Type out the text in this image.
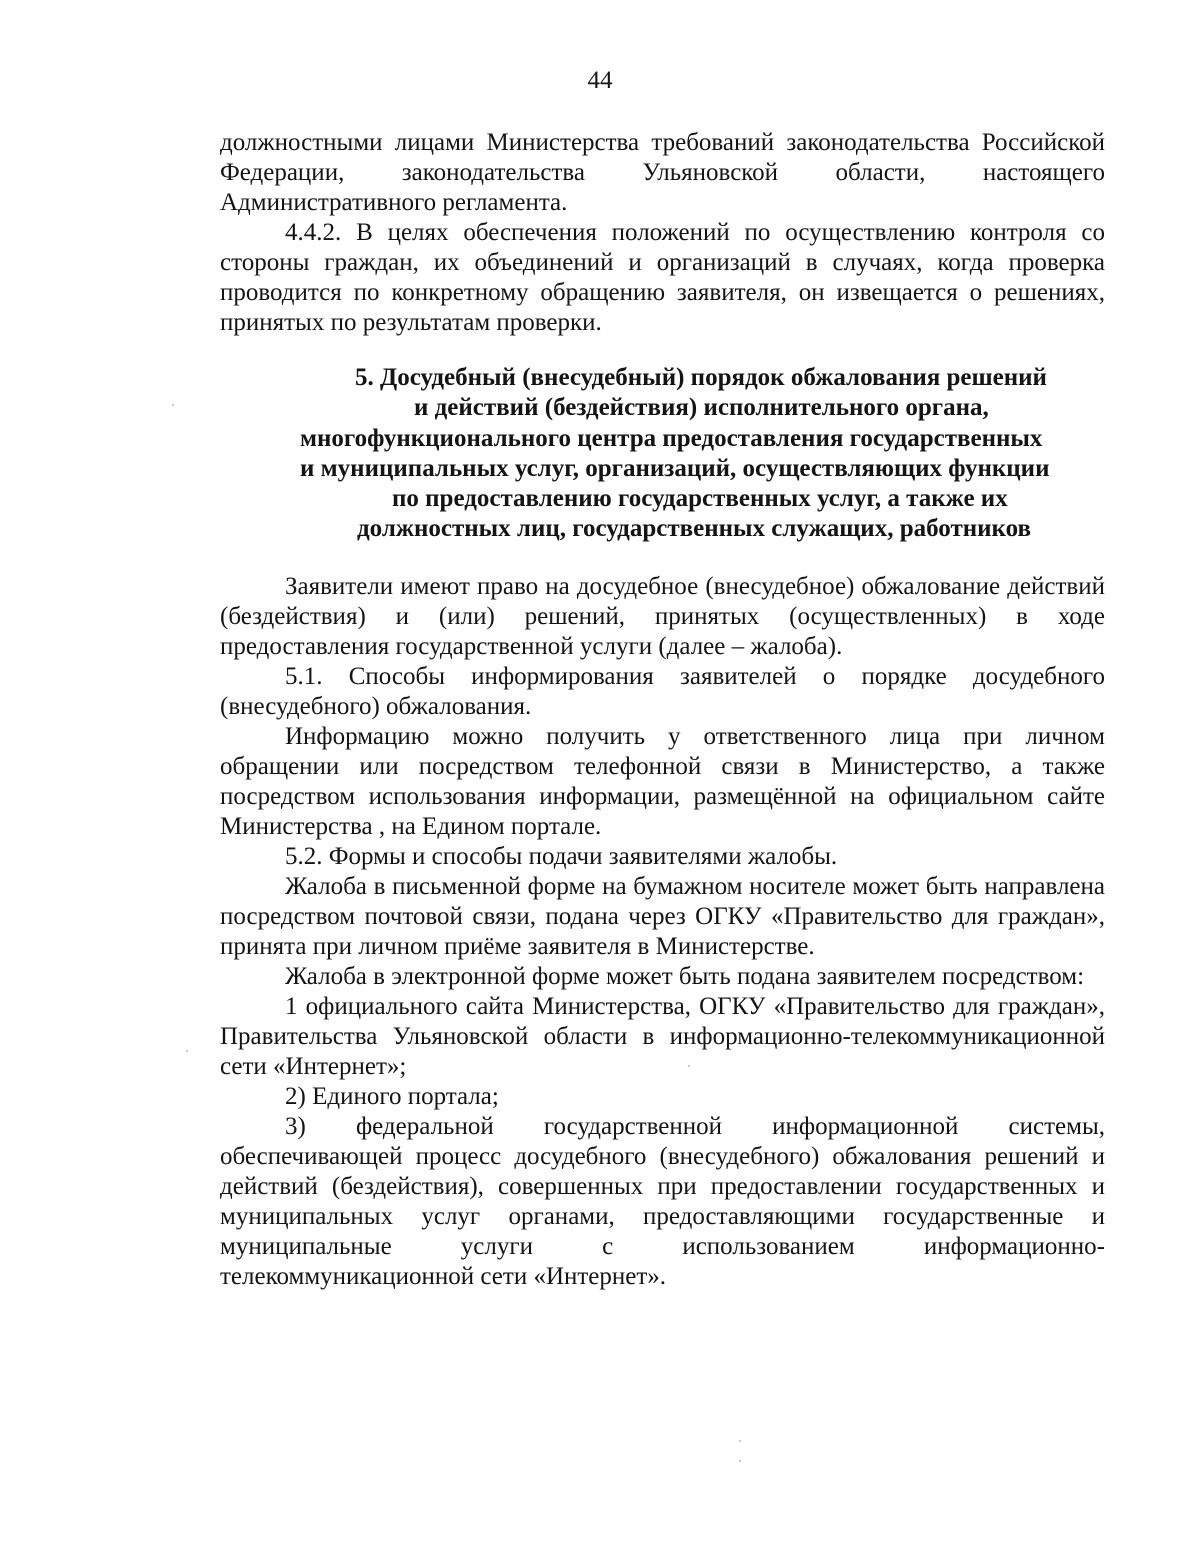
44
должностными лицами Министерства требований законодательства Российской
Федерации, законодательства Ульяновской области, настоящего
Административного регламента.

4.4.2. В целях обеспечения положений по осуществлению контроля со стороны граждан, их объединений и организаций в случаях, когда проверка проводится по конкретному обращению заявителя, он извещается о решениях, принятых по результатам проверки.

5. Досудебный (внесудебный) порядок обжалования решений
и действий (бездействия) исполнительного органа,
многофункционального центра предоставления государственных
и муниципальных услуг, организаций, осуществляющих функции
по предоставлению государственных услуг, а также их
должностных лиц, государственных служащих, работников

Заявители имеют право на досудебное (внесудебное) обжалование действий (бездействия) и (или) решений, принятых (осуществленных) в ходе предоставления государственной услуги (далее – жалоба).

5.1. Способы информирования заявителей о порядке досудебного (внесудебного) обжалования.

Информацию можно получить у ответственного лица при личном обращении или посредством телефонной связи в Министерство, а также посредством использования информации, размещённой на официальном сайте Министерства , на Едином портале.

5.2. Формы и способы подачи заявителями жалобы.

Жалоба в письменной форме на бумажном носителе может быть направлена посредством почтовой связи, подана через ОГКУ «Правительство для граждан», принята при личном приёме заявителя в Министерстве.

Жалоба в электронной форме может быть подана заявителем посредством:

1 официального сайта Министерства, ОГКУ «Правительство для граждан», Правительства Ульяновской области в информационно-телекоммуникационной сети «Интернет»;

2) Единого портала;

3) федеральной государственной информационной системы, обеспечивающей процесс досудебного (внесудебного) обжалования решений и действий (бездействия), совершенных при предоставлении государственных и муниципальных услуг органами, предоставляющими государственные и муниципальные услуги с использованием информационно-телекоммуникационной сети «Интернет».
